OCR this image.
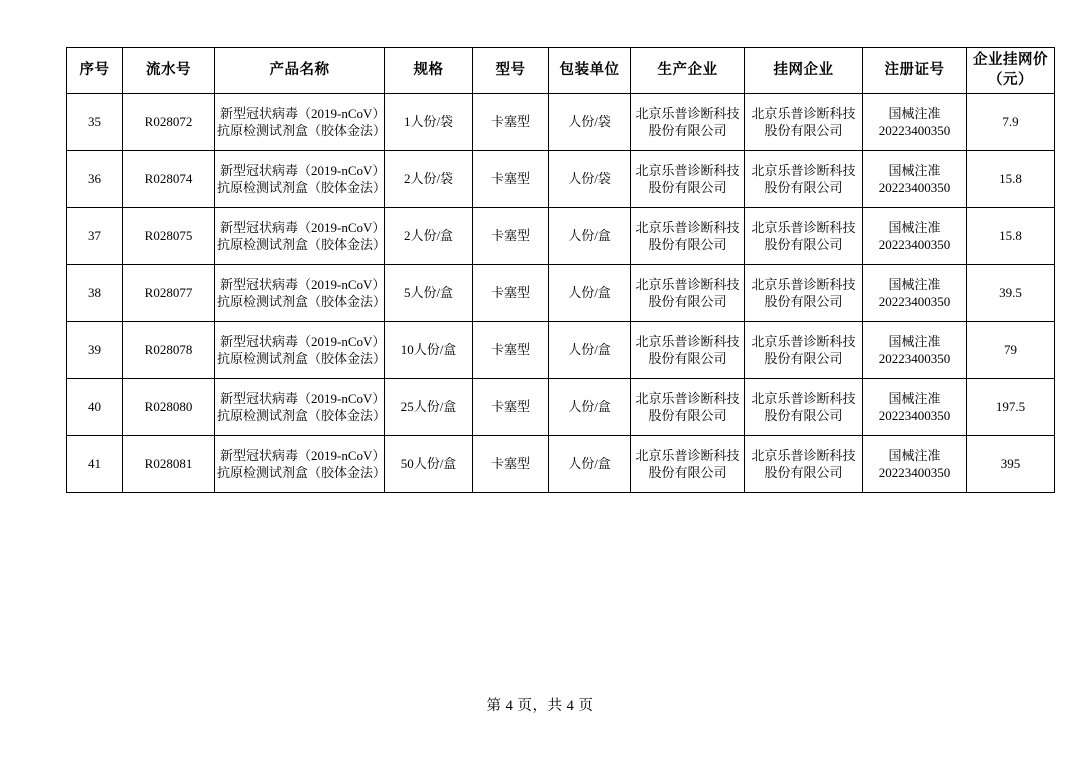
序号	流水号	产品名称	规格	型号	包装单位	生产企业	挂网企业	注册证号	企业挂网价
（元）

35	R028072	新型冠状病毒（2019-nCoV）抗原检测试剂盒（胶体金法）	1人份/袋	卡塞型	人份/袋	北京乐普诊断科技股份有限公司	北京乐普诊断科技股份有限公司	国械注准
20223400350	7.9
36	R028074	新型冠状病毒（2019-nCoV）抗原检测试剂盒（胶体金法）	2人份/袋	卡塞型	人份/袋	北京乐普诊断科技股份有限公司	北京乐普诊断科技股份有限公司	国械注准
20223400350	15.8
37	R028075	新型冠状病毒（2019-nCoV）抗原检测试剂盒（胶体金法）	2人份/盒	卡塞型	人份/盒	北京乐普诊断科技股份有限公司	北京乐普诊断科技股份有限公司	国械注准
20223400350	15.8
38	R028077	新型冠状病毒（2019-nCoV）抗原检测试剂盒（胶体金法）	5人份/盒	卡塞型	人份/盒	北京乐普诊断科技股份有限公司	北京乐普诊断科技股份有限公司	国械注准
20223400350	39.5
39	R028078	新型冠状病毒（2019-nCoV）抗原检测试剂盒（胶体金法）	10人份/盒	卡塞型	人份/盒	北京乐普诊断科技股份有限公司	北京乐普诊断科技股份有限公司	国械注准
20223400350	79
40	R028080	新型冠状病毒（2019-nCoV）抗原检测试剂盒（胶体金法）	25人份/盒	卡塞型	人份/盒	北京乐普诊断科技股份有限公司	北京乐普诊断科技股份有限公司	国械注准
20223400350	197.5
41	R028081	新型冠状病毒（2019-nCoV）抗原检测试剂盒（胶体金法）	50人份/盒	卡塞型	人份/盒	北京乐普诊断科技股份有限公司	北京乐普诊断科技股份有限公司	国械注准
20223400350	395
第 4 页，共 4 页
